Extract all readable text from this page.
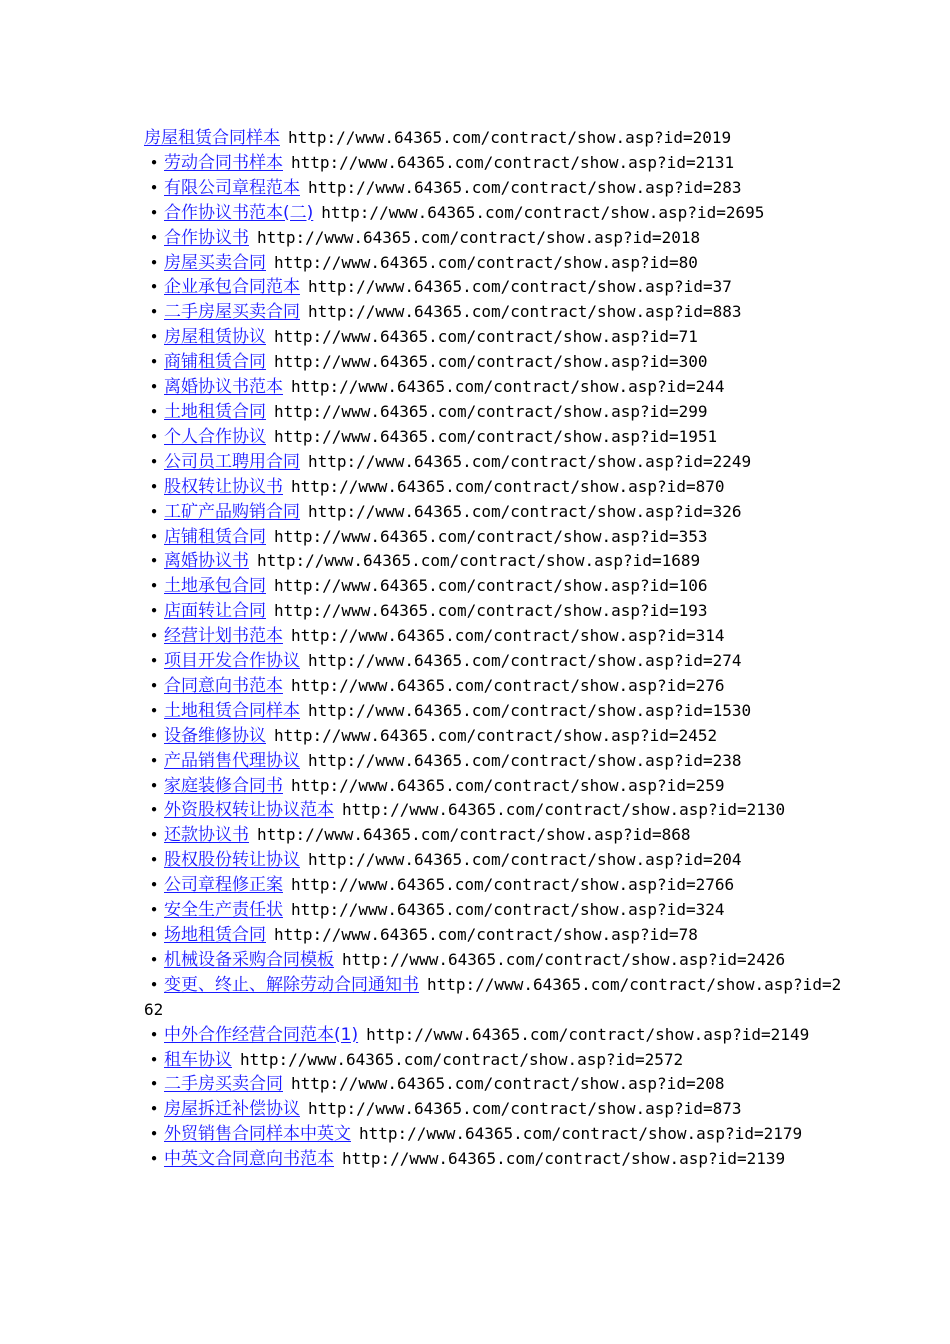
房屋租赁合同样本 http://www.64365.com/contract/show.asp?id=2019

• 劳动合同书样本 http://www.64365.com/contract/show.asp?id=2131

• 有限公司章程范本 http://www.64365.com/contract/show.asp?id=283

• 合作协议书范本(二) http://www.64365.com/contract/show.asp?id=2695

• 合作协议书 http://www.64365.com/contract/show.asp?id=2018

• 房屋买卖合同 http://www.64365.com/contract/show.asp?id=80

• 企业承包合同范本 http://www.64365.com/contract/show.asp?id=37

• 二手房屋买卖合同 http://www.64365.com/contract/show.asp?id=883

• 房屋租赁协议 http://www.64365.com/contract/show.asp?id=71

• 商铺租赁合同 http://www.64365.com/contract/show.asp?id=300

• 离婚协议书范本 http://www.64365.com/contract/show.asp?id=244

• 土地租赁合同 http://www.64365.com/contract/show.asp?id=299

• 个人合作协议 http://www.64365.com/contract/show.asp?id=1951

• 公司员工聘用合同 http://www.64365.com/contract/show.asp?id=2249

• 股权转让协议书 http://www.64365.com/contract/show.asp?id=870

• 工矿产品购销合同 http://www.64365.com/contract/show.asp?id=326

• 店铺租赁合同 http://www.64365.com/contract/show.asp?id=353

• 离婚协议书 http://www.64365.com/contract/show.asp?id=1689

• 土地承包合同 http://www.64365.com/contract/show.asp?id=106

• 店面转让合同 http://www.64365.com/contract/show.asp?id=193

• 经营计划书范本 http://www.64365.com/contract/show.asp?id=314

• 项目开发合作协议 http://www.64365.com/contract/show.asp?id=274

• 合同意向书范本 http://www.64365.com/contract/show.asp?id=276

• 土地租赁合同样本 http://www.64365.com/contract/show.asp?id=1530

• 设备维修协议 http://www.64365.com/contract/show.asp?id=2452

• 产品销售代理协议 http://www.64365.com/contract/show.asp?id=238

• 家庭装修合同书 http://www.64365.com/contract/show.asp?id=259

• 外资股权转让协议范本 http://www.64365.com/contract/show.asp?id=2130

• 还款协议书 http://www.64365.com/contract/show.asp?id=868

• 股权股份转让协议 http://www.64365.com/contract/show.asp?id=204

• 公司章程修正案 http://www.64365.com/contract/show.asp?id=2766

• 安全生产责任状 http://www.64365.com/contract/show.asp?id=324

• 场地租赁合同 http://www.64365.com/contract/show.asp?id=78

• 机械设备采购合同模板 http://www.64365.com/contract/show.asp?id=2426

• 变更、终止、解除劳动合同通知书 http://www.64365.com/contract/show.asp?id=262

• 中外合作经营合同范本(1) http://www.64365.com/contract/show.asp?id=2149

• 租车协议 http://www.64365.com/contract/show.asp?id=2572

• 二手房买卖合同 http://www.64365.com/contract/show.asp?id=208

• 房屋拆迁补偿协议 http://www.64365.com/contract/show.asp?id=873

• 外贸销售合同样本中英文 http://www.64365.com/contract/show.asp?id=2179

• 中英文合同意向书范本 http://www.64365.com/contract/show.asp?id=2139
